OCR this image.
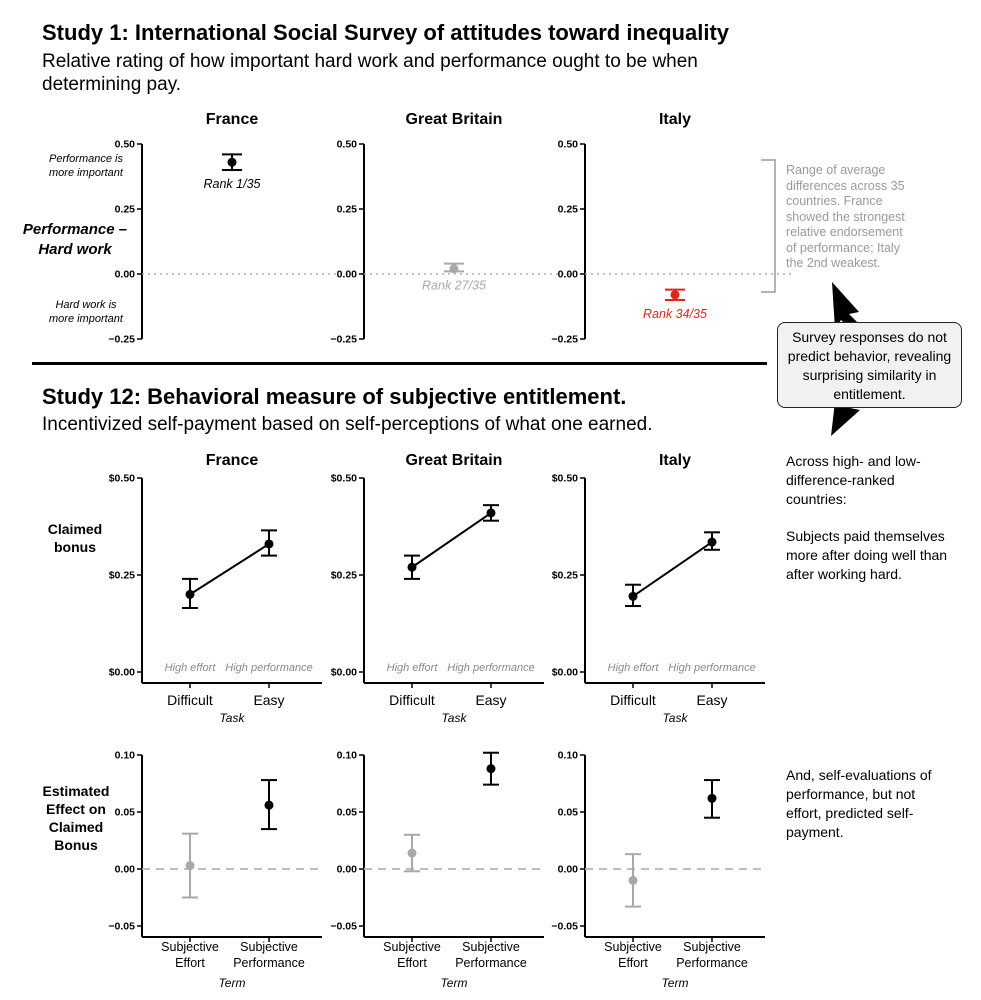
Study 1: International Social Survey of attitudes toward inequality
Relative rating of how important hard work and performance ought to be when determining pay.
Performance is
more important
Performance –
Hard work
Hard work is
more important
France
0.50
0.25
0.00
−0.25
Rank 1/35
Great Britain
0.50
0.25
0.00
−0.25
Rank 27/35
Italy
0.50
0.25
0.00
−0.25
Rank 34/35
Range of average differences across 35 countries. France showed the strongest relative endorsement of performance; Italy the 2nd weakest.
Survey responses do not predict behavior, revealing surprising similarity in entitlement.
Study 12: Behavioral measure of subjective entitlement.
Incentivized self-payment based on self-perceptions of what one earned.
Claimed
bonus
Estimated
Effect on
Claimed
Bonus
France
$0.50
$0.25
$0.00
Difficult
High effort
Easy
High performance
Task
Great Britain
$0.50
$0.25
$0.00
Difficult
High effort
Easy
High performance
Task
Italy
$0.50
$0.25
$0.00
Difficult
High effort
Easy
High performance
Task
0.10
0.05
0.00
−0.05
Subjective
Effort
Subjective
Performance
Term
0.10
0.05
0.00
−0.05
Subjective
Effort
Subjective
Performance
Term
0.10
0.05
0.00
−0.05
Subjective
Effort
Subjective
Performance
Term
Across high- and low-difference-ranked countries:
Subjects paid themselves more after doing well than after working hard.
And, self-evaluations of performance, but not effort, predicted self-payment.
